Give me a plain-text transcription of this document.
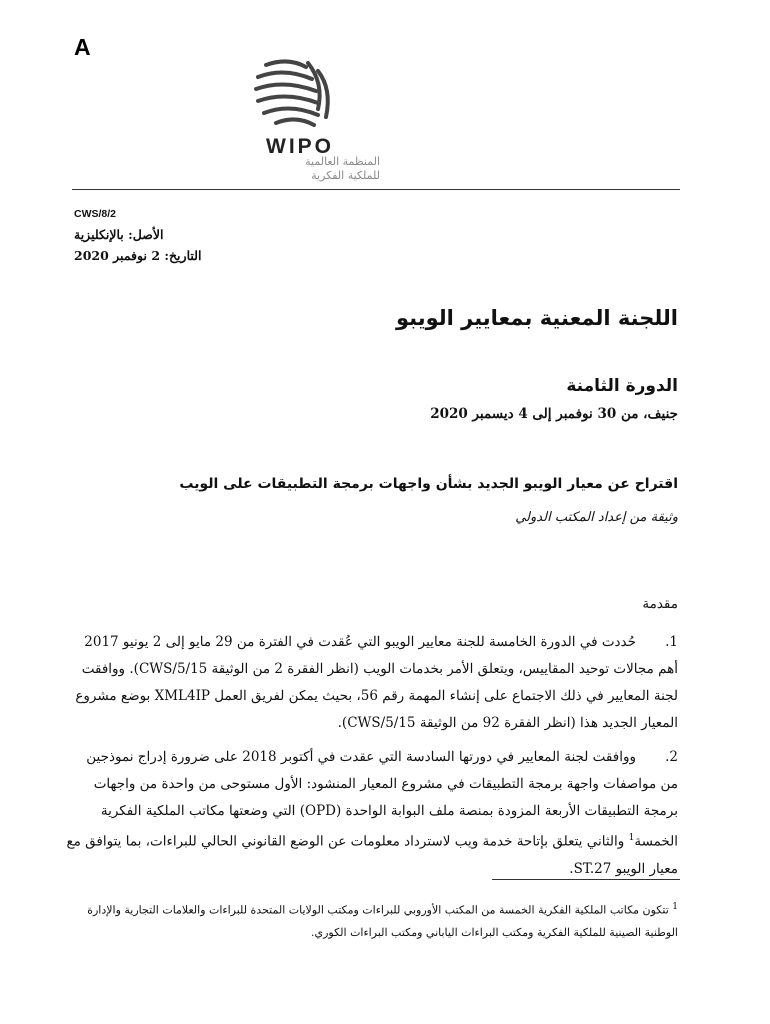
A
WIPO
المنظمة العالمية
للملكية الفكرية
CWS/8/2
الأصل: بالإنكليزية
التاريخ: 2 نوفمبر 2020
اللجنة المعنية بمعايير الويبو
الدورة الثامنة
جنيف، من 30 نوفمبر إلى 4 ديسمبر 2020
اقتراح عن معيار الويبو الجديد بشأن واجهات برمجة التطبيقات على الويب
وثيقة من إعداد المكتب الدولي
مقدمة
1.حُددت في الدورة الخامسة للجنة معايير الويبو التي عُقدت في الفترة من 29 مايو إلى 2 يونيو 2017 أهم مجالات توحيد المقاييس، ويتعلق الأمر بخدمات الويب (انظر الفقرة 2 من الوثيقة CWS/5/15). ووافقت لجنة المعايير في ذلك الاجتماع على إنشاء المهمة رقم 56، بحيث يمكن لفريق العمل XML4IP بوضع مشروع المعيار الجديد هذا (انظر الفقرة 92 من الوثيقة CWS/5/15).
2.ووافقت لجنة المعايير في دورتها السادسة التي عقدت في أكتوبر 2018 على ضرورة إدراج نموذجين من مواصفات واجهة برمجة التطبيقات في مشروع المعيار المنشود: الأول مستوحى من واحدة من واجهات برمجة التطبيقات الأربعة المزودة بمنصة ملف البوابة الواحدة (OPD) التي وضعتها مكاتب الملكية الفكرية الخمسة$^1$ والثاني يتعلق بإتاحة خدمة ويب لاسترداد معلومات عن الوضع القانوني الحالي للبراءات، بما يتوافق مع معيار الويبو ST.27.
$^1$ تتكون مكاتب الملكية الفكرية الخمسة من المكتب الأوروبي للبراءات ومكتب الولايات المتحدة للبراءات والعلامات التجارية والإدارة الوطنية الصينية للملكية الفكرية ومكتب البراءات الياباني ومكتب البراءات الكوري.
